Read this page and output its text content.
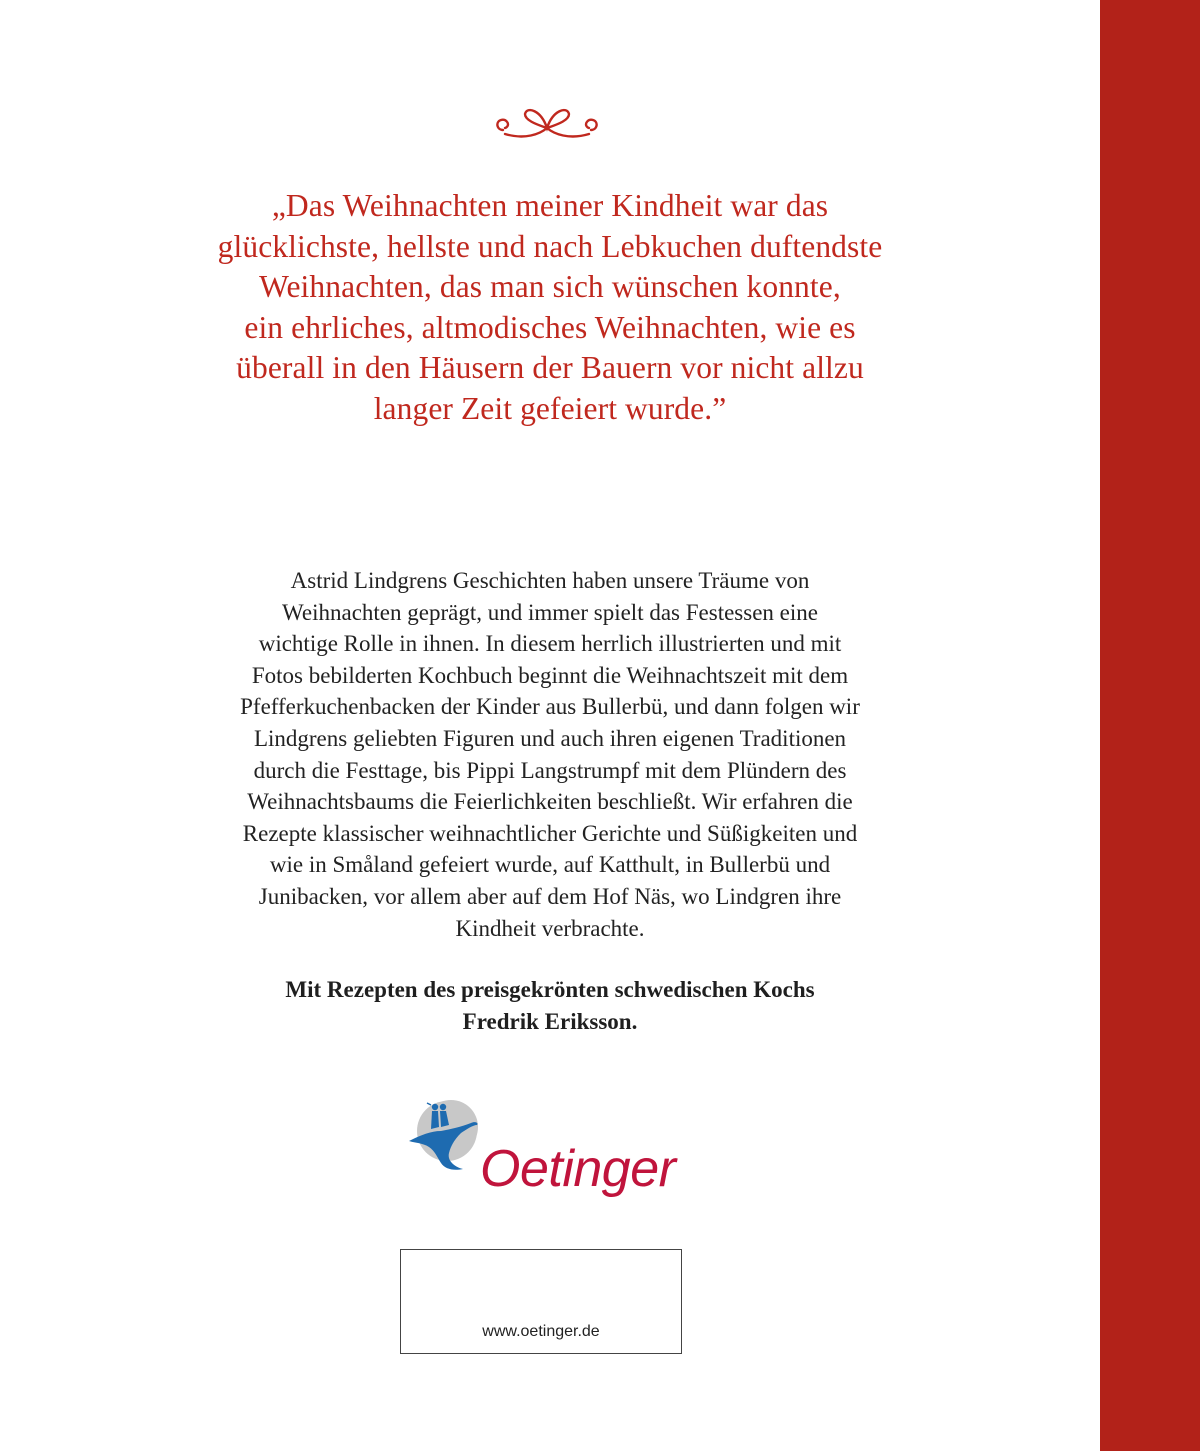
„Das Weihnachten meiner Kindheit war das
glücklichste, hellste und nach Lebkuchen duftendste
Weihnachten, das man sich wünschen konnte,
ein ehrliches, altmodisches Weihnachten, wie es
überall in den Häusern der Bauern vor nicht allzu
langer Zeit gefeiert wurde.”
Astrid Lindgrens Geschichten haben unsere Träume von
Weihnachten geprägt, und immer spielt das Festessen eine
wichtige Rolle in ihnen. In diesem herrlich illustrierten und mit
Fotos bebilderten Kochbuch beginnt die Weihnachtszeit mit dem
Pfefferkuchenbacken der Kinder aus Bullerbü, und dann folgen wir
Lindgrens geliebten Figuren und auch ihren eigenen Traditionen
durch die Festtage, bis Pippi Langstrumpf mit dem Plündern des
Weihnachtsbaums die Feierlichkeiten beschließt. Wir erfahren die
Rezepte klassischer weihnachtlicher Gerichte und Süßigkeiten und
wie in Småland gefeiert wurde, auf Katthult, in Bullerbü und
Junibacken, vor allem aber auf dem Hof Näs, wo Lindgren ihre
Kindheit verbrachte.
Mit Rezepten des preisgekrönten schwedischen Kochs
Fredrik Eriksson.
Oetinger
www.oetinger.de
